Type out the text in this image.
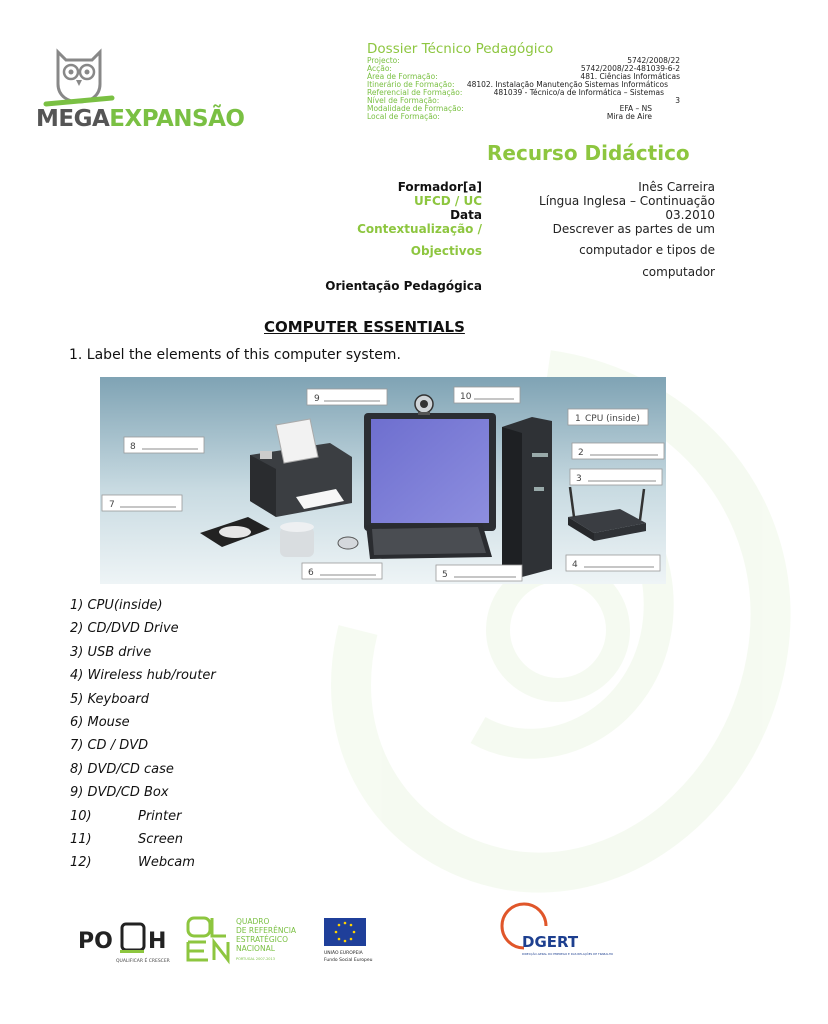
MEGAEXPANSÃO
Dossier Técnico Pedagógico
Projecto:	5742/2008/22
Acção:	5742/2008/22-481039-6-2
Área de Formação:	481. Ciências Informáticas
Itinerário de Formação:	48102. Instalação Manutenção Sistemas Informáticos
Referencial de Formação:	481039 - Técnico/a de Informática – Sistemas
Nível de Formação:	3
Modalidade de Formação:	EFA – NS
Local de Formação:	Mira de Aire
Recurso Didáctico
Formador[a]	Inês Carreira
UFCD / UC	Língua Inglesa – Continuação
Data	03.2010
Contextualização /	Descrever as partes de um
Objectivos	computador e tipos de
computador
Orientação Pedagógica
COMPUTER ESSENTIALS
1. Label the elements of this computer system.
9	10
1 CPU (inside)
8
2
3
7
4
6	5
1)
CPU(inside)
2)
CD/DVD Drive
3)
USB drive
4)
Wireless hub/router
5)
Keyboard
6)
Mouse
7)
CD / DVD
8)
DVD/CD case
9)
DVD/CD Box
10)	Printer
11)	Screen
12)	Webcam
PO H
QUALIFICAR É CRESCER
QUADRO
DE REFERÊNCIA
ESTRATÉGICO
NACIONAL
PORTUGAL 2007-2013
UNIÃO EUROPEIA
Fundo Social Europeu
DGERT
DIRECÇÃO-GERAL DO EMPREGO E DAS RELAÇÕES DE TRABALHO
